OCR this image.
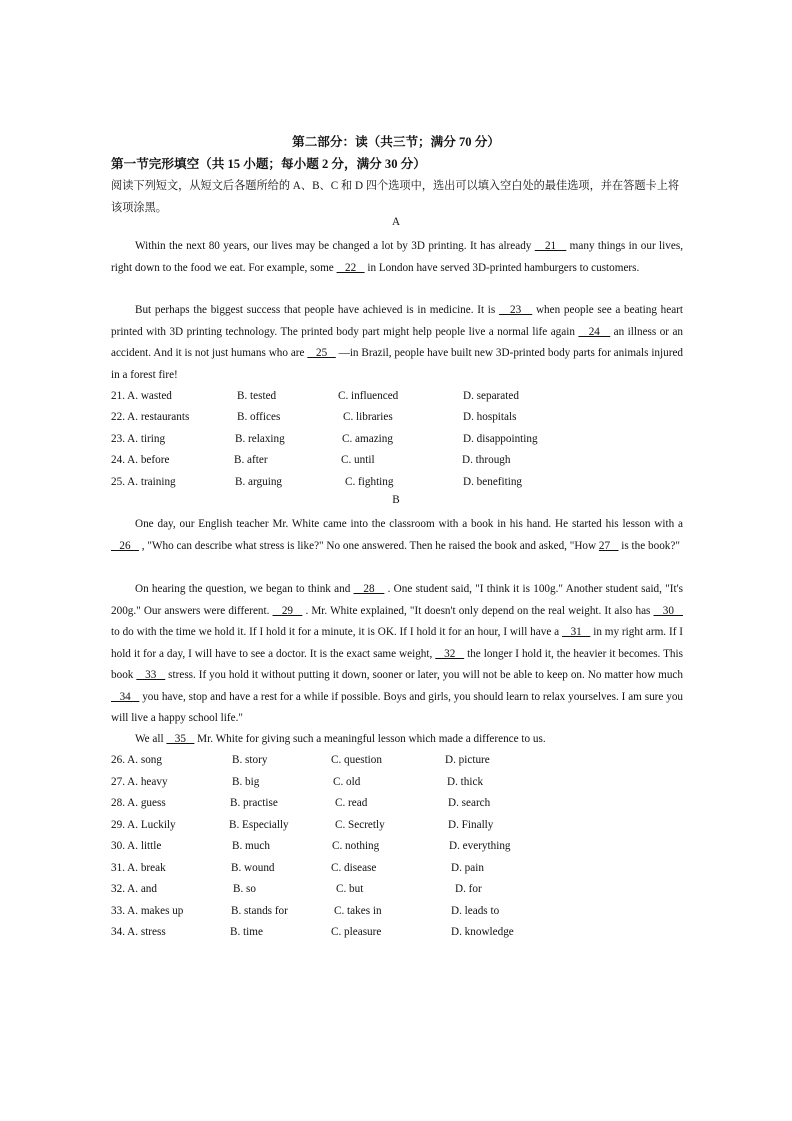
第二部分：读（共三节；满分 70 分）
第一节完形填空（共 15 小题；每小题 2 分，满分 30 分）
阅读下列短文，从短文后各题所给的 A、B、C 和 D 四个选项中，选出可以填入空白处的最佳选项，并在答题卡上将该项涂黑。
A
Within the next 80 years, our lives may be changed a lot by 3D printing. It has already    21    many things in our lives, right down to the food we eat. For example, some    22    in London have served 3D-printed hamburgers to customers.
But perhaps the biggest success that people have achieved is in medicine. It is    23    when people see a beating heart printed with 3D printing technology. The printed body part might help people live a normal life again    24    an illness or an accident. And it is not just humans who are    25    —in Brazil, people have built new 3D-printed body parts for animals injured in a forest fire!
21. A. wasted	B. tested	C. influenced	D. separated
22. A. restaurants	B. offices	C. libraries	D. hospitals
23. A. tiring	B. relaxing	C. amazing	D. disappointing
24. A. before	B. after	C. until	D. through
25. A. training	B. arguing	C. fighting	D. benefiting
B
One day, our English teacher Mr. White came into the classroom with a book in his hand. He started his lesson with a    26    , "Who can describe what stress is like?" No one answered. Then he raised the book and asked, "How 27    is the book?"
On hearing the question, we began to think and    28    . One student said, "I think it is 100g." Another student said, "It's 200g." Our answers were different.    29    . Mr. White explained, "It doesn't only depend on the real weight. It also has    30    to do with the time we hold it. If I hold it for a minute, it is OK. If I hold it for an hour, I will have a    31    in my right arm. If I hold it for a day, I will have to see a doctor. It is the exact same weight,    32    the longer I hold it, the heavier it becomes. This book    33    stress. If you hold it without putting it down, sooner or later, you will not be able to keep on. No matter how much    34    you have, stop and have a rest for a while if possible. Boys and girls, you should learn to relax yourselves. I am sure you will live a happy school life."
We all    35    Mr. White for giving such a meaningful lesson which made a difference to us.
26. A. song	B. story	C. question	D. picture
27. A. heavy	B. big	C. old	D. thick
28. A. guess	B. practise	C. read	D. search
29. A. Luckily	B. Especially	C. Secretly	D. Finally
30. A. little	B. much	C. nothing	D. everything
31. A. break	B. wound	C. disease	D. pain
32. A. and	B. so	C. but	D. for
33. A. makes up	B. stands for	C. takes in	D. leads to
34. A. stress	B. time	C. pleasure	D. knowledge
